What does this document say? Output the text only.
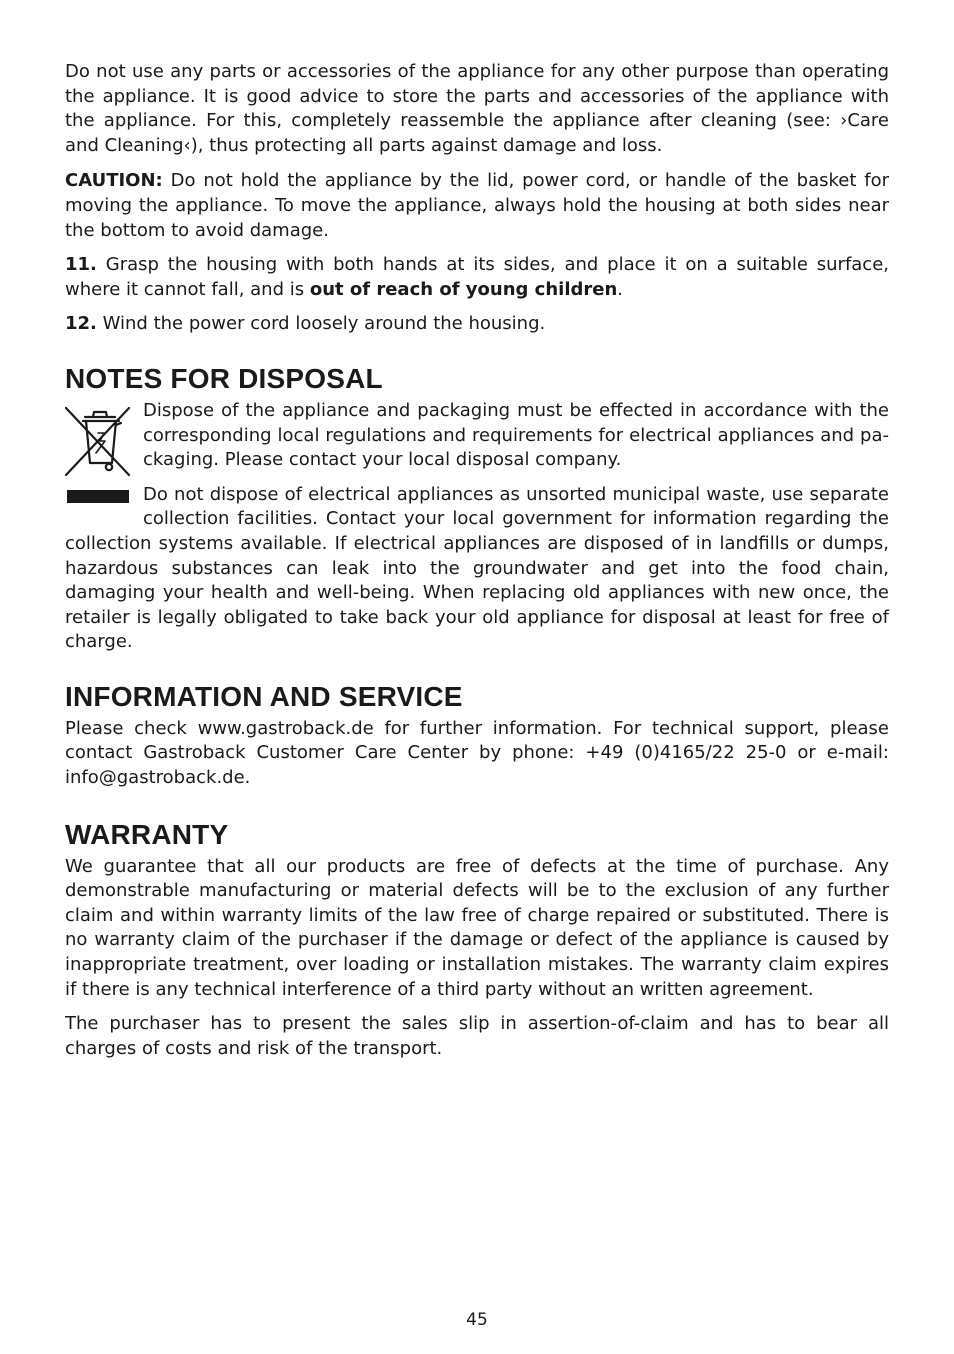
Do not use any parts or accessories of the appliance for any other purpose than operating the appliance. It is good advice to store the parts and accessories of the appliance with the appliance. For this, completely reassemble the appliance after cleaning (see: ›Care and Cleaning‹), thus protecting all parts against damage and loss.

CAUTION: Do not hold the appliance by the lid, power cord, or handle of the basket for moving the appliance. To move the appliance, always hold the housing at both sides near the bottom to avoid damage.

11. Grasp the housing with both hands at its sides, and place it on a suitable surface, where it cannot fall, and is out of reach of young children.

12. Wind the power cord loosely around the housing.

NOTES FOR DISPOSAL

Dispose of the appliance and packaging must be effected in accordance with the corresponding local regulations and requirements for electrical appliances and packaging. Please contact your local disposal company.

Do not dispose of electrical appliances as unsorted municipal waste, use separate collection facilities. Contact your local government for information regarding the collection systems available. If electrical appliances are disposed of in landfills or dumps, hazardous substances can leak into the groundwater and get into the food chain, damaging your health and well-being. When replacing old appliances with new once, the retailer is legally obligated to take back your old appliance for disposal at least for free of charge.

INFORMATION AND SERVICE

Please check www.gastroback.de for further information. For technical support, please contact Gastroback Customer Care Center by phone: +49 (0)4165/22 25-0 or e-mail: info@gastroback.de.

WARRANTY

We guarantee that all our products are free of defects at the time of purchase. Any demonstrable manufacturing or material defects will be to the exclusion of any further claim and within warranty limits of the law free of charge repaired or substituted. There is no warranty claim of the purchaser if the damage or defect of the appliance is caused by inappropriate treatment, over loading or installation mistakes. The warranty claim expires if there is any technical interference of a third party without an written agreement.

The purchaser has to present the sales slip in assertion-of-claim and has to bear all charges of costs and risk of the transport.

45
